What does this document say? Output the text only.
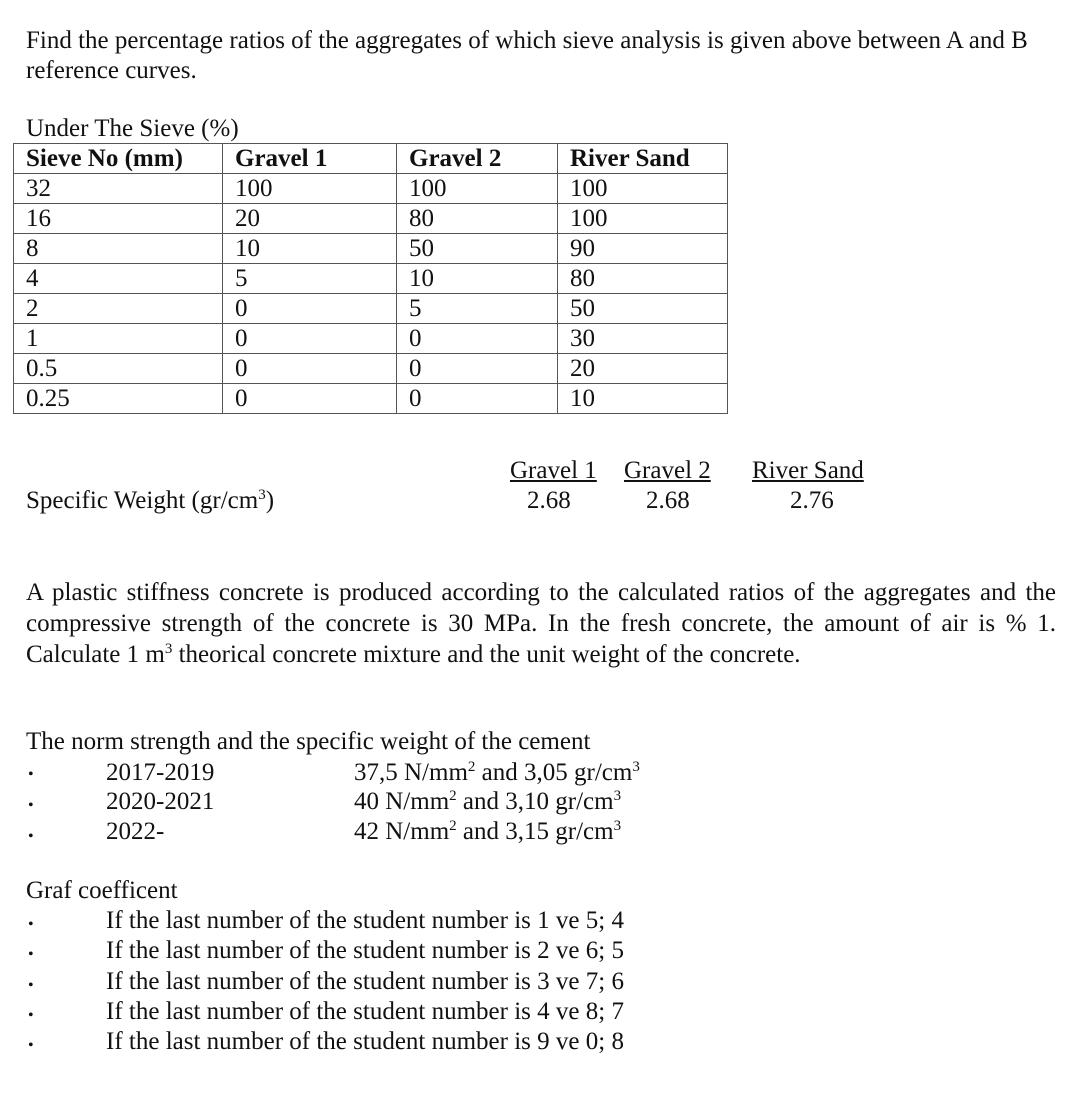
Find the percentage ratios of the aggregates of which sieve analysis is given above between A and B reference curves.
Under The Sieve (%)
Sieve No (mm)	Gravel 1	Gravel 2	River Sand
32	100	100	100
16	20	80	100
8	10	50	90
4	5	10	80
2	0	5	50
1	0	0	30
0.5	0	0	20
0.25	0	0	10
Specific Weight $(gr/cm^3)$
Gravel 1 Gravel 2 River Sand
2.68	2.68	2.76
A plastic stiffness concrete is produced according to the calculated ratios of the aggregates and the compressive strength of the concrete is 30 MPa. In the fresh concrete, the amount of air is % 1. Calculate 1 $m^3$ theorical concrete mixture and the unit weight of the concrete.
The norm strength and the specific weight of the cement
•	2017-2019	37,5 $N/mm^2$ and 3,05 $gr/cm^3$
•	2020-2021	40 $N/mm^2$ and 3,10 $gr/cm^3$
•	2022-	42 $N/mm^2$ and 3,15 $gr/cm^3$
Graf coefficent
•	If the last number of the student number is 1 ve 5; 4
•	If the last number of the student number is 2 ve 6; 5
•	If the last number of the student number is 3 ve 7; 6
•	If the last number of the student number is 4 ve 8; 7
•	If the last number of the student number is 9 ve 0; 8
